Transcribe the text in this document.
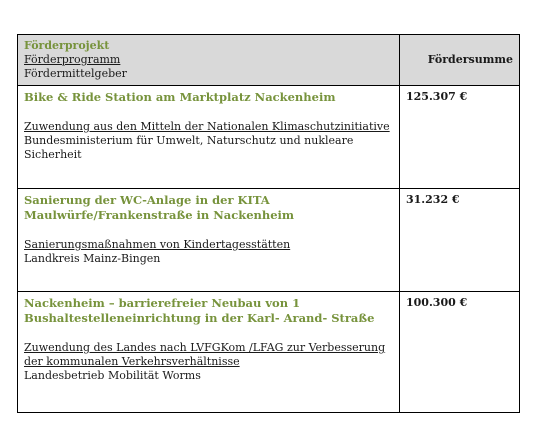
Förderprojekt
Förderprogramm
Fördermittelgeber	Fördersumme

Bike & Ride Station am Marktplatz Nackenheim
Zuwendung aus den Mitteln der Nationalen Klimaschutzinitiative
Bundesministerium für Umwelt, Naturschutz und nukleare Sicherheit	125.307 €

Sanierung der WC-Anlage in der KITA Maulwürfe/Frankenstraße in Nackenheim
Sanierungsmaßnahmen von Kindertagesstätten
Landkreis Mainz-Bingen	31.232 €

Nackenheim – barrierefreier Neubau von 1 Bushaltestelleneinrichtung in der Karl- Arand- Straße
Zuwendung des Landes nach LVFGKom /LFAG zur Verbesserung der kommunalen Verkehrsverhältnisse
Landesbetrieb Mobilität Worms	100.300 €
